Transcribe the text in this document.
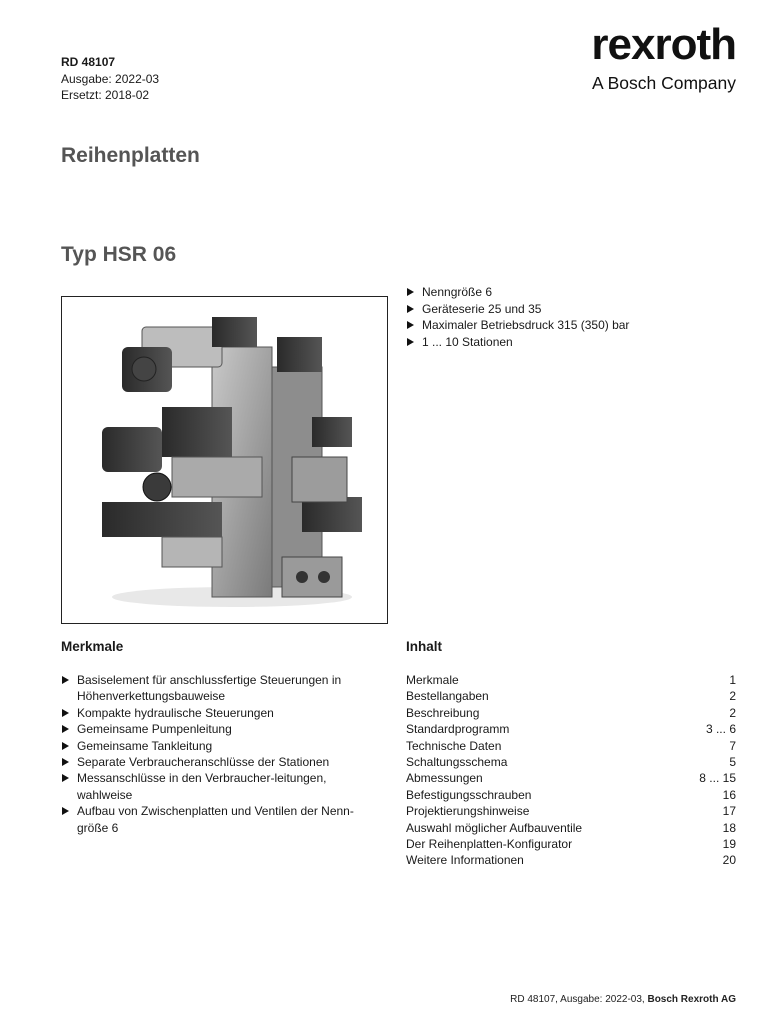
RD 48107
Ausgabe: 2022-03
Ersetzt: 2018-02
rexroth
A Bosch Company
Reihenplatten
Typ HSR 06
Nenngröße 6
Geräteserie 25 und 35
Maximaler Betriebsdruck 315 (350) bar
1 ... 10 Stationen
Merkmale
Basiselement für anschlussfertige Steuerungen in Höhenverkettungsbauweise
Kompakte hydraulische Steuerungen
Gemeinsame Pumpenleitung
Gemeinsame Tankleitung
Separate Verbraucheranschlüsse der Stationen
Messanschlüsse in den Verbraucher-leitungen, wahlweise
Aufbau von Zwischenplatten und Ventilen der Nenn-größe 6
Inhalt
Merkmale	1
Bestellangaben	2
Beschreibung	2
Standardprogramm	3 ... 6
Technische Daten	7
Schaltungsschema	5
Abmessungen	8 ... 15
Befestigungsschrauben	16
Projektierungshinweise	17
Auswahl möglicher Aufbauventile	18
Der Reihenplatten-Konfigurator	19
Weitere Informationen	20
RD 48107, Ausgabe: 2022-03, Bosch Rexroth AG
